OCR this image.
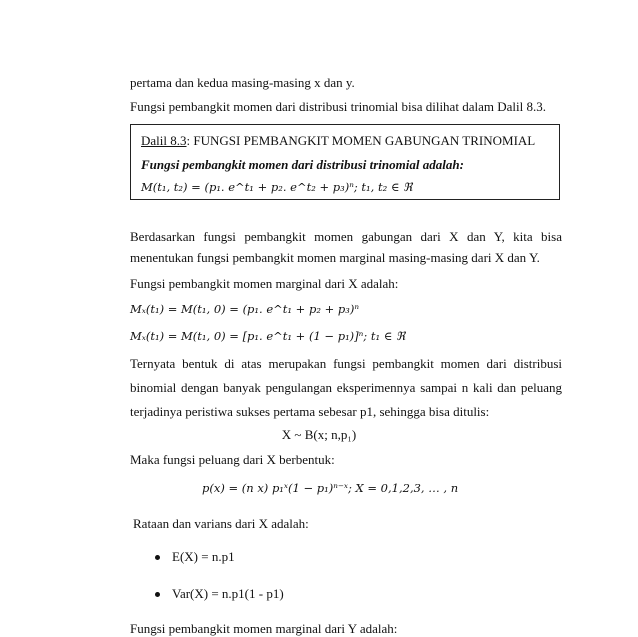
pertama dan kedua masing-masing x dan y.
Fungsi pembangkit momen dari distribusi trinomial bisa dilihat dalam Dalil 8.3.
Dalil 8.3: FUNGSI PEMBANGKIT MOMEN GABUNGAN TRINOMIAL
Fungsi pembangkit momen dari distribusi trinomial adalah:
M(t₁, t₂) = (p₁. e^t₁ + p₂. e^t₂ + p₃)ⁿ; t₁, t₂ ∈ ℜ
Berdasarkan fungsi pembangkit momen gabungan dari X dan Y, kita bisa
menentukan fungsi pembangkit momen marginal masing-masing dari X dan Y.
Fungsi pembangkit momen marginal dari X adalah:
Mₓ(t₁) = M(t₁, 0) = (p₁. e^t₁ + p₂ + p₃)ⁿ
Mₓ(t₁) = M(t₁, 0) = [p₁. e^t₁ + (1 − p₁)]ⁿ; t₁ ∈ ℜ
Ternyata bentuk di atas merupakan fungsi pembangkit momen dari distribusi
binomial dengan banyak pengulangan eksperimennya sampai n kali dan peluang
terjadinya peristiwa sukses pertama sebesar p1, sehingga bisa ditulis:
X ~ B(x; n,p₁)
Maka fungsi peluang dari X berbentuk:
p(x) = (n x) p₁ˣ(1 − p₁)ⁿ⁻ˣ; X = 0,1,2,3, … , n
Rataan dan varians dari X adalah:
E(X) = n.p1
Var(X) = n.p1(1 - p1)
Fungsi pembangkit momen marginal dari Y adalah:
